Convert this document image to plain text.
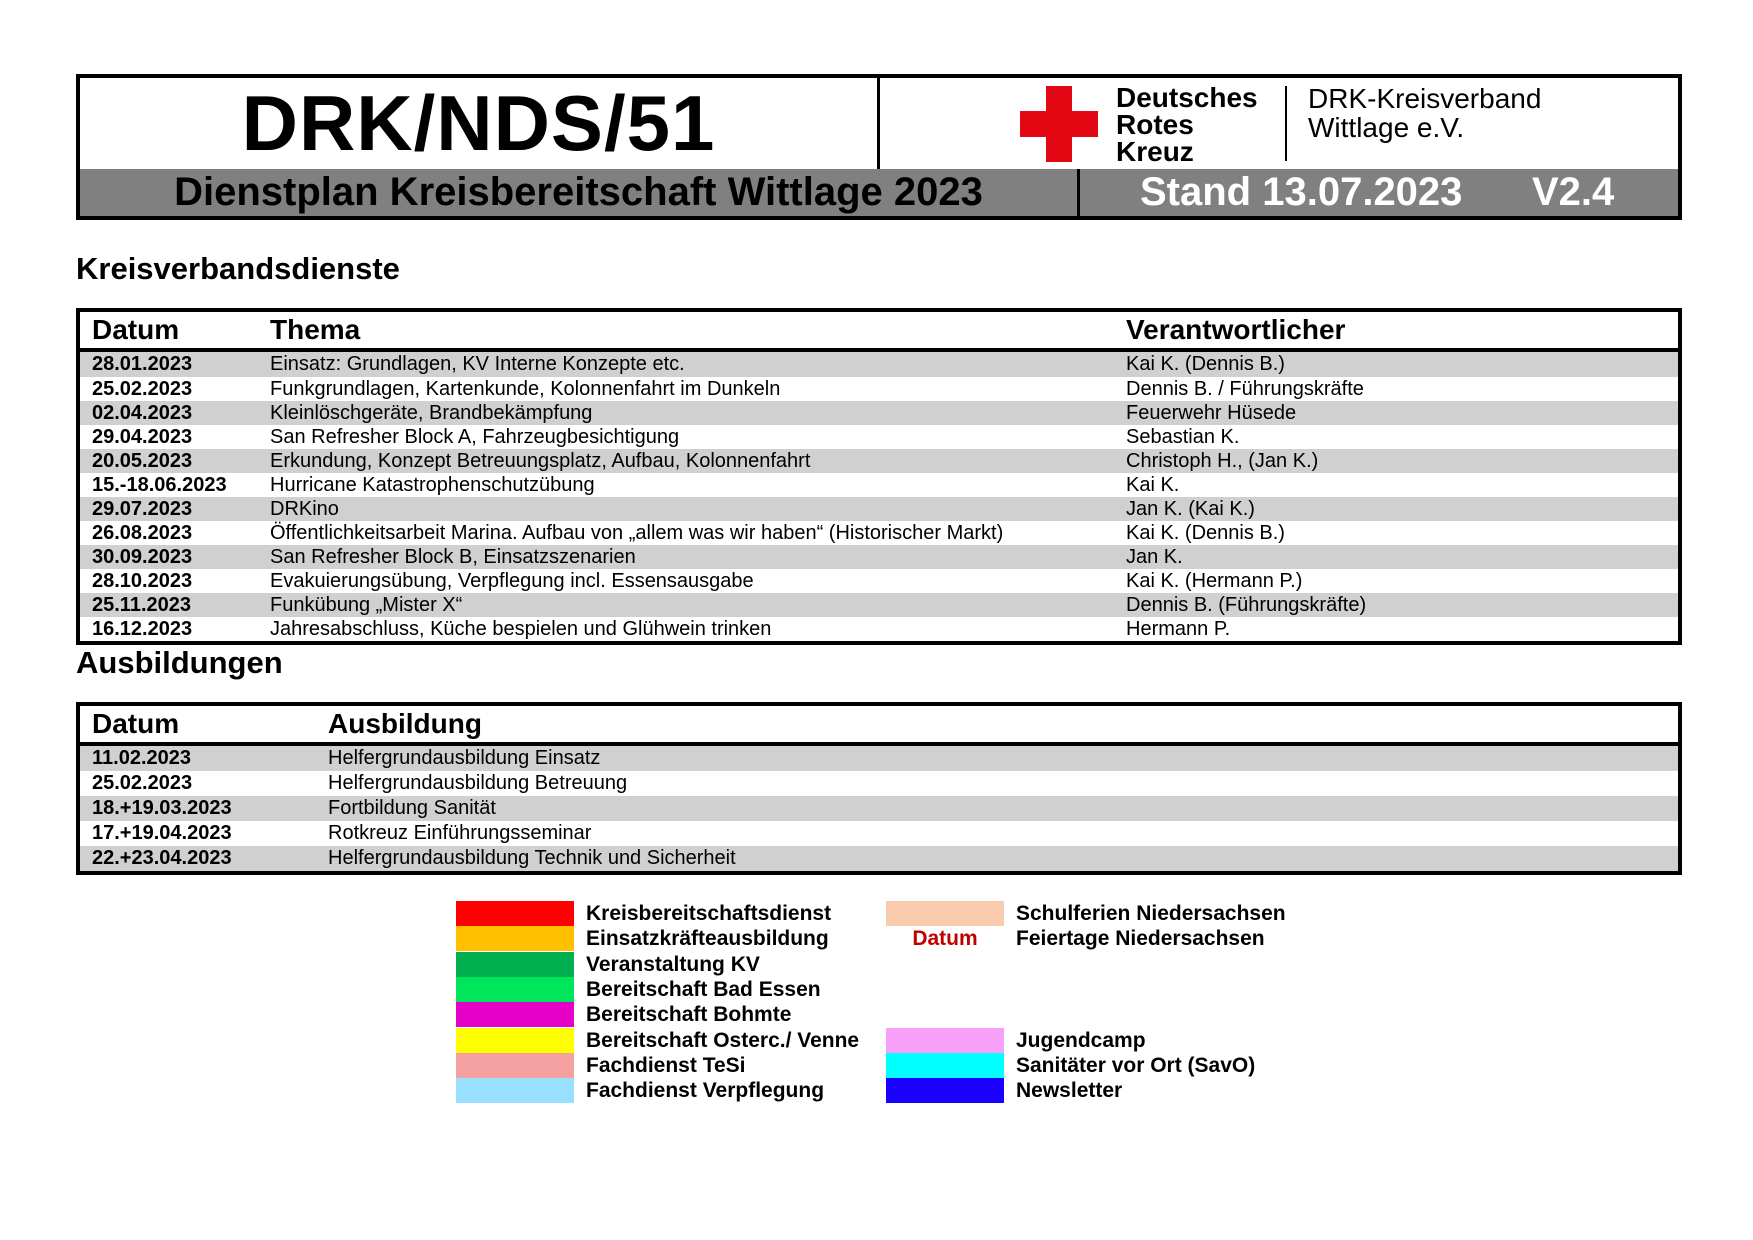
DRK/NDS/51	Deutsches
Rotes
Kreuz
DRK-Kreisverband
Wittlage e.V.
Dienstplan Kreisbereitschaft Wittlage 2023	Stand 13.07.2023 V2.4
Kreisverbandsdienste
Datum	Thema	Verantwortlicher
28.01.2023	Einsatz: Grundlagen, KV Interne Konzepte etc.	Kai K. (Dennis B.)
25.02.2023	Funkgrundlagen, Kartenkunde, Kolonnenfahrt im Dunkeln	Dennis B. / Führungskräfte
02.04.2023	Kleinlöschgeräte, Brandbekämpfung	Feuerwehr Hüsede
29.04.2023	San Refresher Block A, Fahrzeugbesichtigung	Sebastian K.
20.05.2023	Erkundung, Konzept Betreuungsplatz, Aufbau, Kolonnenfahrt	Christoph H., (Jan K.)
15.-18.06.2023 Hurricane Katastrophenschutzübung	Kai K.
29.07.2023	DRKino	Jan K. (Kai K.)
26.08.2023	Öffentlichkeitsarbeit Marina. Aufbau von „allem was wir haben“ (Historischer Markt)	Kai K. (Dennis B.)
30.09.2023	San Refresher Block B, Einsatzszenarien	Jan K.
28.10.2023	Evakuierungsübung, Verpflegung incl. Essensausgabe	Kai K. (Hermann P.)
25.11.2023	Funkübung „Mister X“	Dennis B. (Führungskräfte)
16.12.2023	Jahresabschluss, Küche bespielen und Glühwein trinken	Hermann P.
Ausbildungen
Datum	Ausbildung
11.02.2023	Helfergrundausbildung Einsatz
25.02.2023	Helfergrundausbildung Betreuung
18.+19.03.2023	Fortbildung Sanität
17.+19.04.2023	Rotkreuz Einführungsseminar
22.+23.04.2023	Helfergrundausbildung Technik und Sicherheit
Kreisbereitschaftsdienst
Einsatzkräfteausbildung
Veranstaltung KV
Bereitschaft Bad Essen
Bereitschaft Bohmte
Bereitschaft Osterc./ Venne
Fachdienst TeSi
Fachdienst Verpflegung
Schulferien Niedersachsen
Datum	Feiertage Niedersachsen
Jugendcamp
Sanitäter vor Ort (SavO)
Newsletter
